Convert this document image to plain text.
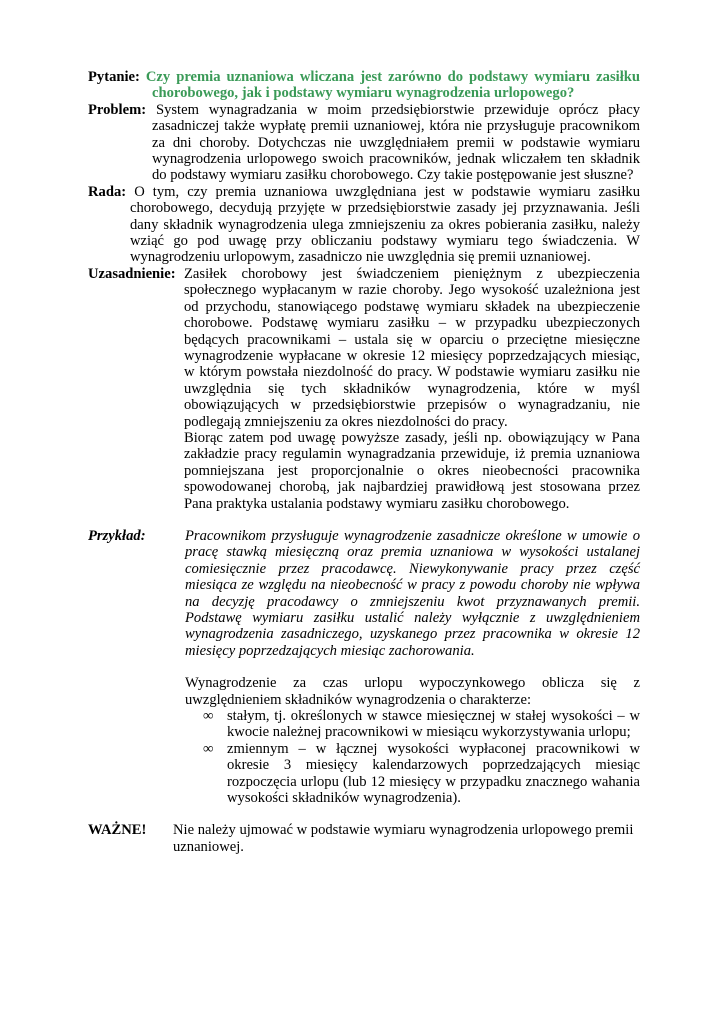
Pytanie: Czy premia uznaniowa wliczana jest zarówno do podstawy wymiaru zasiłku chorobowego, jak i podstawy wymiaru wynagrodzenia urlopowego?
Problem: System wynagradzania w moim przedsiębiorstwie przewiduje oprócz płacy zasadniczej także wypłatę premii uznaniowej, która nie przysługuje pracownikom za dni choroby. Dotychczas nie uwzględniałem premii w podstawie wymiaru wynagrodzenia urlopowego swoich pracowników, jednak wliczałem ten składnik do podstawy wymiaru zasiłku chorobowego. Czy takie postępowanie jest słuszne?
Rada: O tym, czy premia uznaniowa uwzględniana jest w podstawie wymiaru zasiłku chorobowego, decydują przyjęte w przedsiębiorstwie zasady jej przyznawania. Jeśli dany składnik wynagrodzenia ulega zmniejszeniu za okres pobierania zasiłku, należy wziąć go pod uwagę przy obliczaniu podstawy wymiaru tego świadczenia. W wynagrodzeniu urlopowym, zasadniczo nie uwzględnia się premii uznaniowej.
Uzasadnienie: Zasiłek chorobowy jest świadczeniem pieniężnym z ubezpieczenia społecznego wypłacanym w razie choroby. Jego wysokość uzależniona jest od przychodu, stanowiącego podstawę wymiaru składek na ubezpieczenie chorobowe. Podstawę wymiaru zasiłku – w przypadku ubezpieczonych będących pracownikami – ustala się w oparciu o przeciętne miesięczne wynagrodzenie wypłacane w okresie 12 miesięcy poprzedzających miesiąc, w którym powstała niezdolność do pracy. W podstawie wymiaru zasiłku nie uwzględnia się tych składników wynagrodzenia, które w myśl obowiązujących w przedsiębiorstwie przepisów o wynagradzaniu, nie podlegają zmniejszeniu za okres niezdolności do pracy.
Biorąc zatem pod uwagę powyższe zasady, jeśli np. obowiązujący w Pana zakładzie pracy regulamin wynagradzania przewiduje, iż premia uznaniowa pomniejszana jest proporcjonalnie o okres nieobecności pracownika spowodowanej chorobą, jak najbardziej prawidłową jest stosowana przez Pana praktyka ustalania podstawy wymiaru zasiłku chorobowego.
Przykład:	Pracownikom przysługuje wynagrodzenie zasadnicze określone w umowie o pracę stawką miesięczną oraz premia uznaniowa w wysokości ustalanej comiesięcznie przez pracodawcę. Niewykonywanie pracy przez część miesiąca ze względu na nieobecność w pracy z powodu choroby nie wpływa na decyzję pracodawcy o zmniejszeniu kwot przyznawanych premii. Podstawę wymiaru zasiłku ustalić należy wyłącznie z uwzględnieniem wynagrodzenia zasadniczego, uzyskanego przez pracownika w okresie 12 miesięcy poprzedzających miesiąc zachorowania.
Wynagrodzenie za czas urlopu wypoczynkowego oblicza się z uwzględnieniem składników wynagrodzenia o charakterze:
∞ stałym, tj. określonych w stawce miesięcznej w stałej wysokości – w kwocie należnej pracownikowi w miesiącu wykorzystywania urlopu;
∞ zmiennym – w łącznej wysokości wypłaconej pracownikowi w okresie 3 miesięcy kalendarzowych poprzedzających miesiąc rozpoczęcia urlopu (lub 12 miesięcy w przypadku znacznego wahania wysokości składników wynagrodzenia).
WAŻNE!	Nie należy ujmować w podstawie wymiaru wynagrodzenia urlopowego premii uznaniowej.
